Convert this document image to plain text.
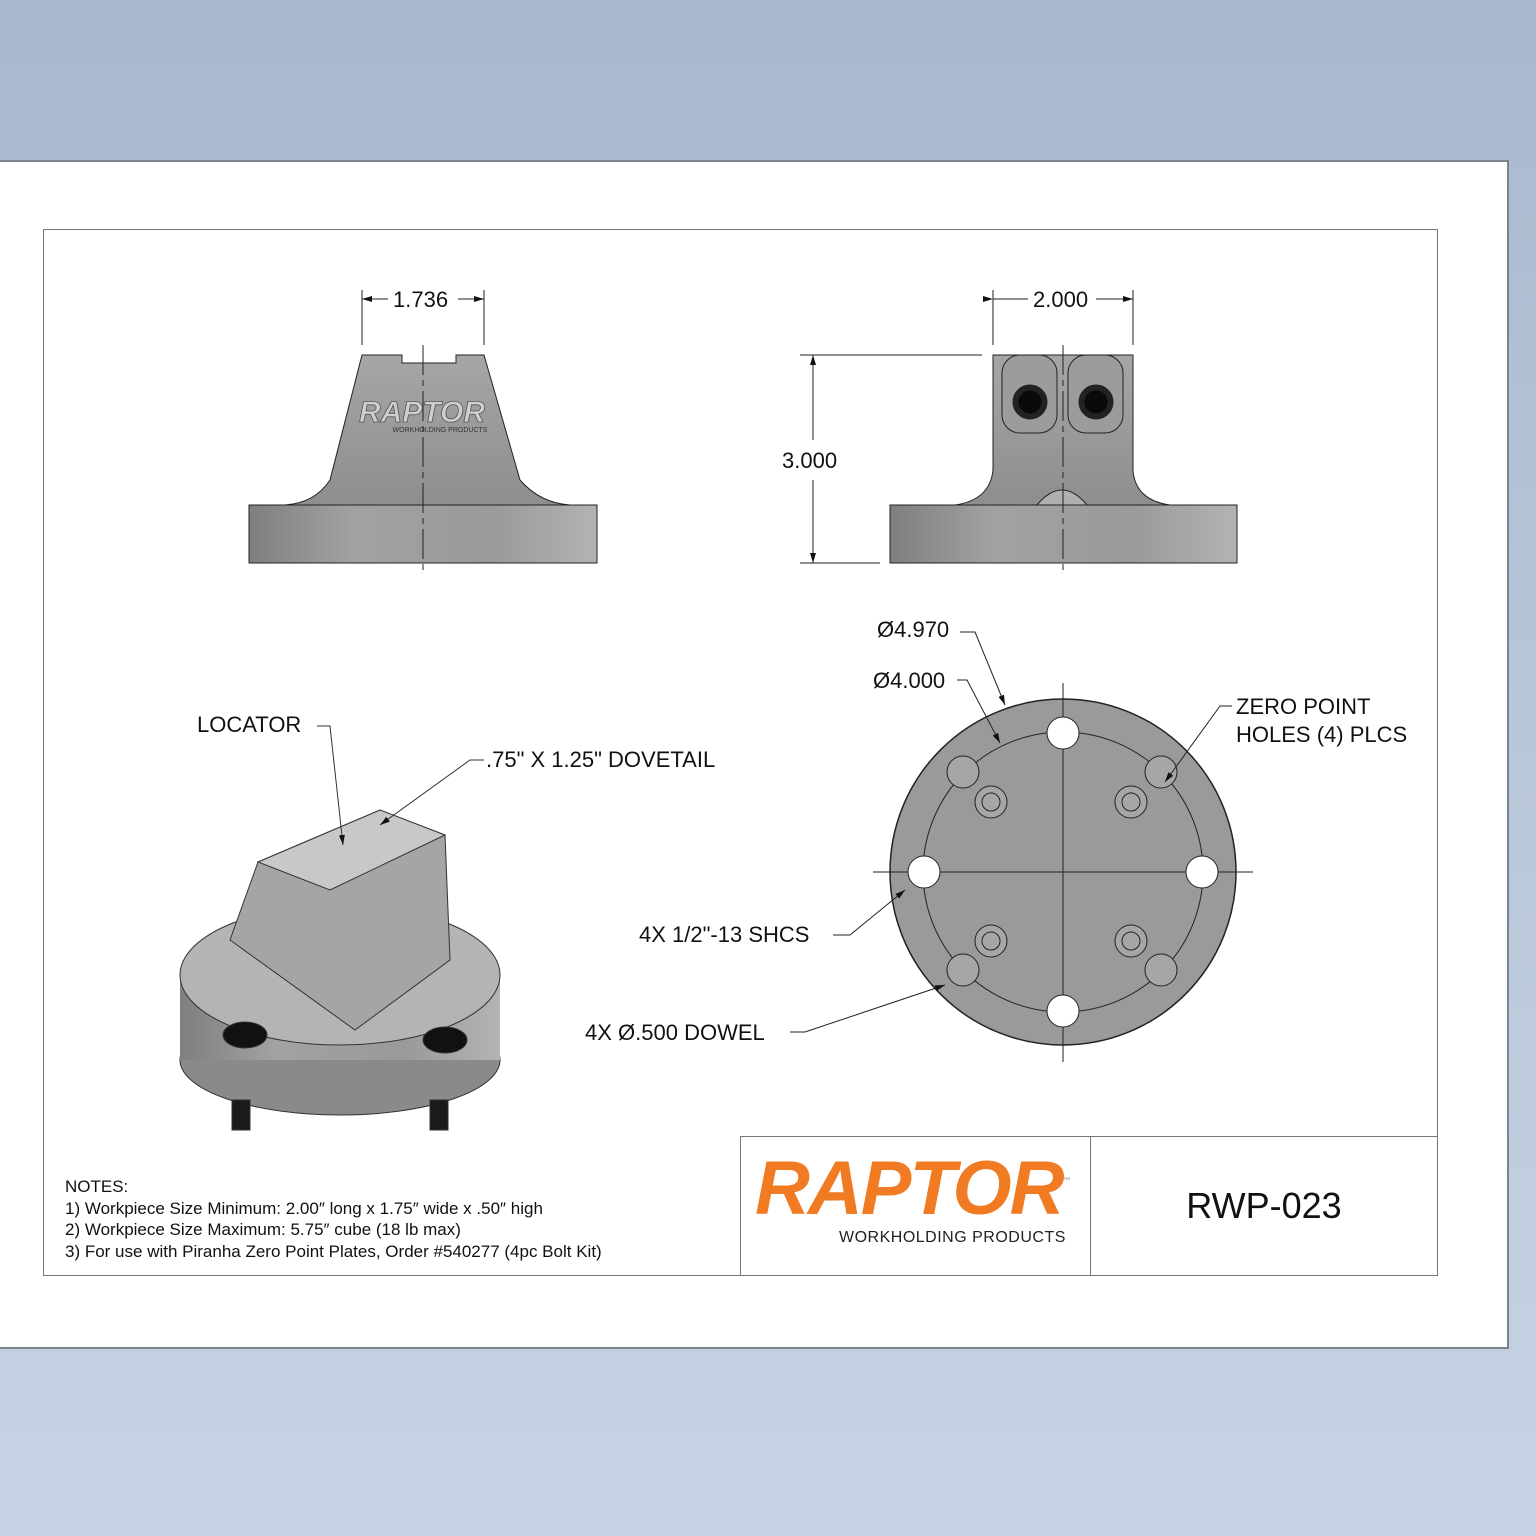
RAPTOR
WORKHOLDING PRODUCTS
1.736	2.000
3.000
Ø4.970
Ø4.000
ZERO POINT
HOLES (4) PLCS
4X 1/2"-13 SHCS
4X Ø.500 DOWEL
LOCATOR
.75" X 1.25" DOVETAIL
NOTES:
1) Workpiece Size Minimum: 2.00″ long x 1.75″ wide x .50″ high
2) Workpiece Size Maximum: 5.75″ cube (18 lb max)
3) For use with Piranha Zero Point Plates, Order #540277 (4pc Bolt Kit)
RAPTOR ™
WORKHOLDING PRODUCTS
RWP-023
